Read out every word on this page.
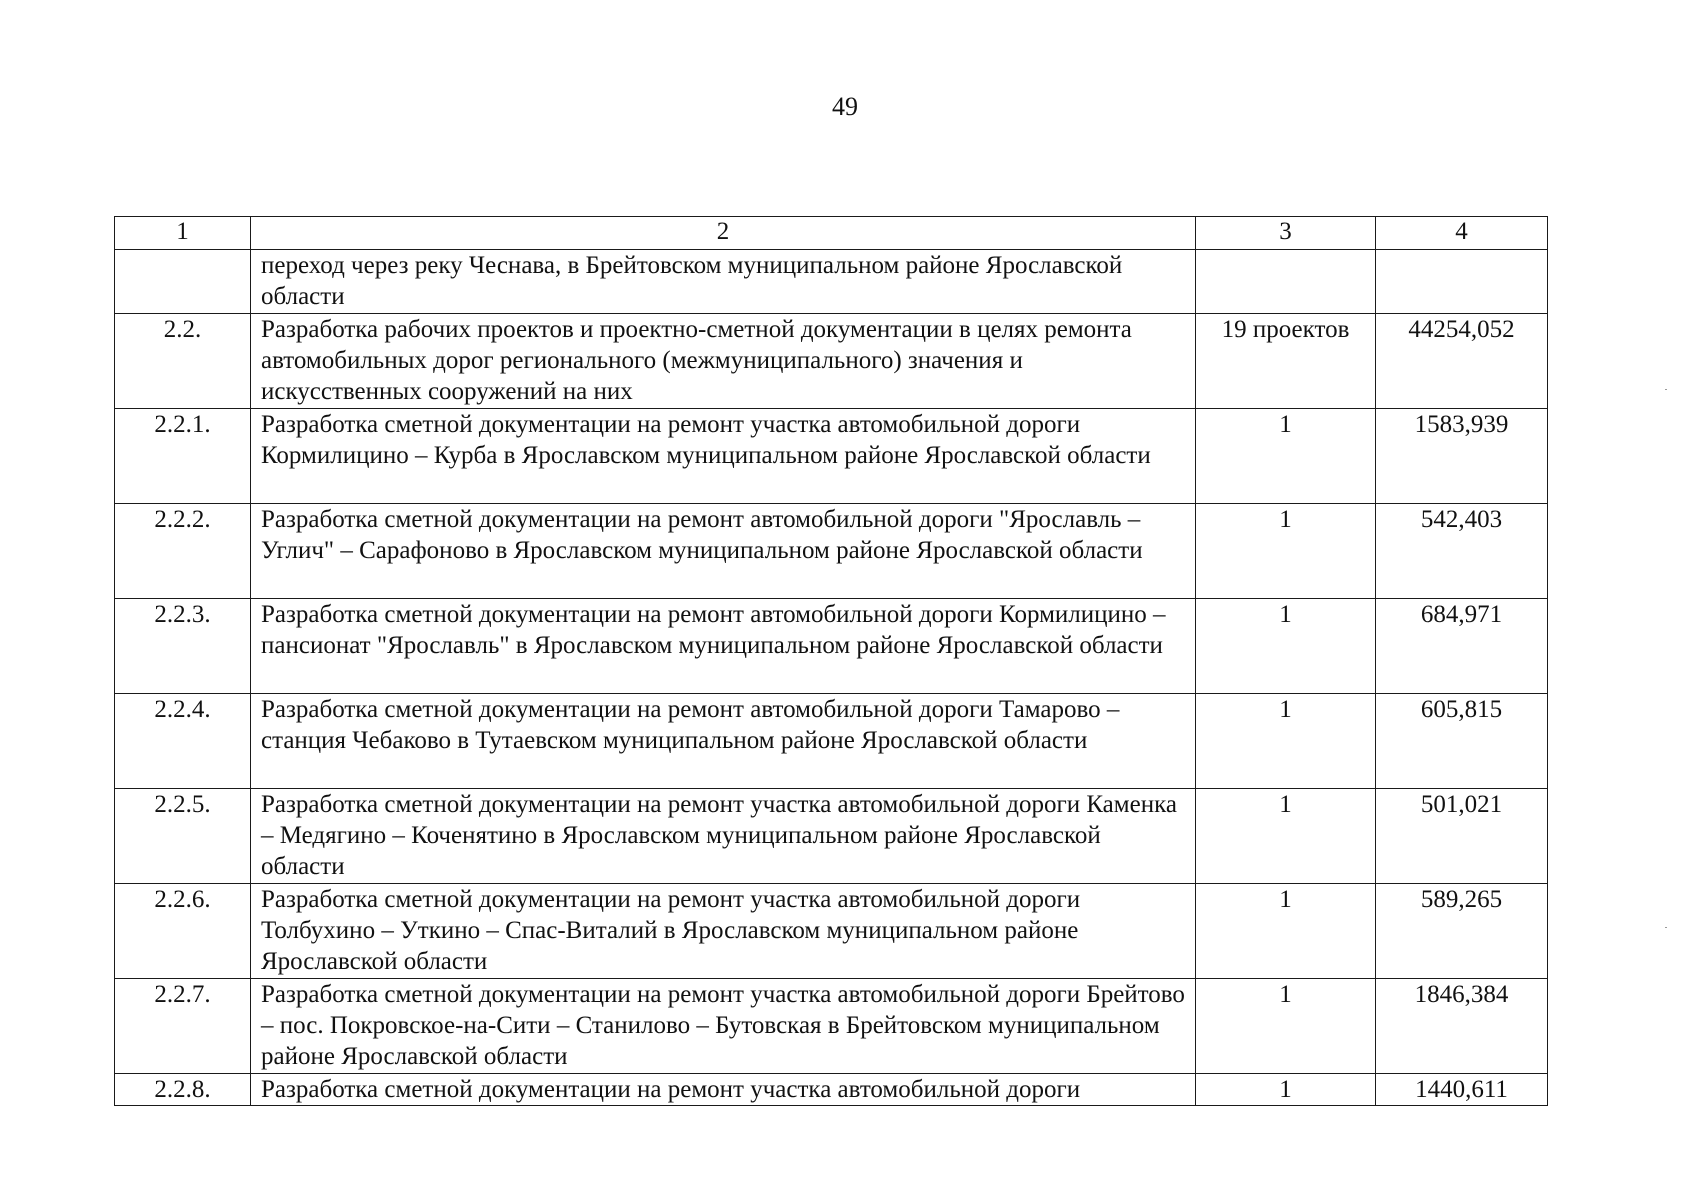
49
1	2	3	4
	переход через реку Чеснава, в Брейтовском муниципальном районе Ярославской области		
2.2.	Разработка рабочих проектов и проектно-сметной документации в целях ремонта автомобильных дорог регионального (межмуниципального) значения и искусственных сооружений на них	19 проектов	44254,052
2.2.1.	Разработка сметной документации на ремонт участка автомобильной дороги Кормилицино – Курба в Ярославском муниципальном районе Ярославской области	1	1583,939
2.2.2.	Разработка сметной документации на ремонт автомобильной дороги "Ярославль – Углич" – Сарафоново в Ярославском муниципальном районе Ярославской области	1	542,403
2.2.3.	Разработка сметной документации на ремонт автомобильной дороги Кормилицино – пансионат "Ярославль" в Ярославском муниципальном районе Ярославской области	1	684,971
2.2.4.	Разработка сметной документации на ремонт автомобильной дороги Тамарово – станция Чебаково в Тутаевском муниципальном районе Ярославской области	1	605,815
2.2.5.	Разработка сметной документации на ремонт участка автомобильной дороги Каменка – Медягино – Коченятино в Ярославском муниципальном районе Ярославской области	1	501,021
2.2.6.	Разработка сметной документации на ремонт участка автомобильной дороги Толбухино – Уткино – Спас-Виталий в Ярославском муниципальном районе Ярославской области	1	589,265
2.2.7.	Разработка сметной документации на ремонт участка автомобильной дороги Брейтово – пос. Покровское-на-Сити – Станилово – Бутовская в Брейтовском муниципальном районе Ярославской области	1	1846,384
2.2.8.	Разработка сметной документации на ремонт участка автомобильной дороги	1	1440,611
